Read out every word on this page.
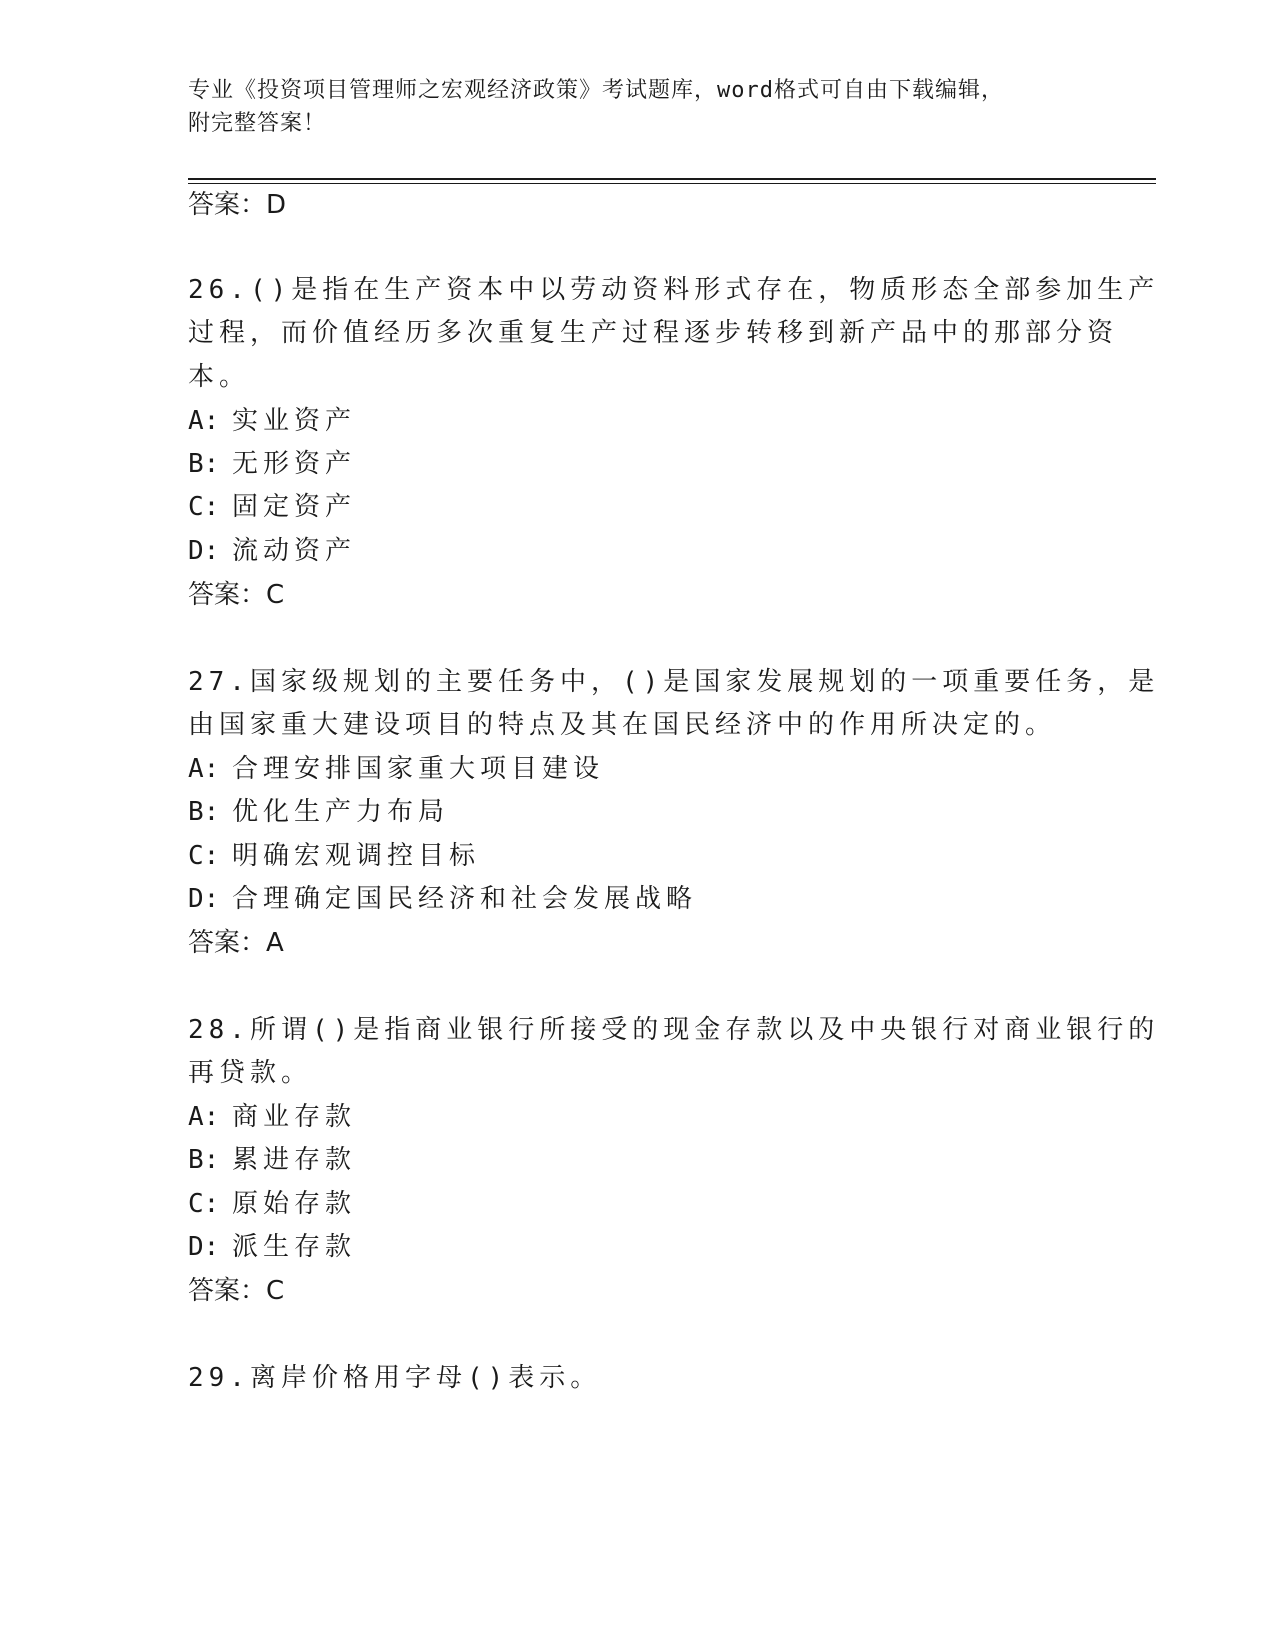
专业《投资项目管理师之宏观经济政策》考试题库，word格式可自由下载编辑，
附完整答案！
答案：D
26.()是指在生产资本中以劳动资料形式存在，物质形态全部参加生产
过程，而价值经历多次重复生产过程逐步转移到新产品中的那部分资
本。
A: 实业资产
B: 无形资产
C: 固定资产
D: 流动资产
答案：C
27.国家级规划的主要任务中，()是国家发展规划的一项重要任务，是
由国家重大建设项目的特点及其在国民经济中的作用所决定的。
A: 合理安排国家重大项目建设
B: 优化生产力布局
C: 明确宏观调控目标
D: 合理确定国民经济和社会发展战略
答案：A
28.所谓()是指商业银行所接受的现金存款以及中央银行对商业银行的
再贷款。
A: 商业存款
B: 累进存款
C: 原始存款
D: 派生存款
答案：C
29.离岸价格用字母()表示。
